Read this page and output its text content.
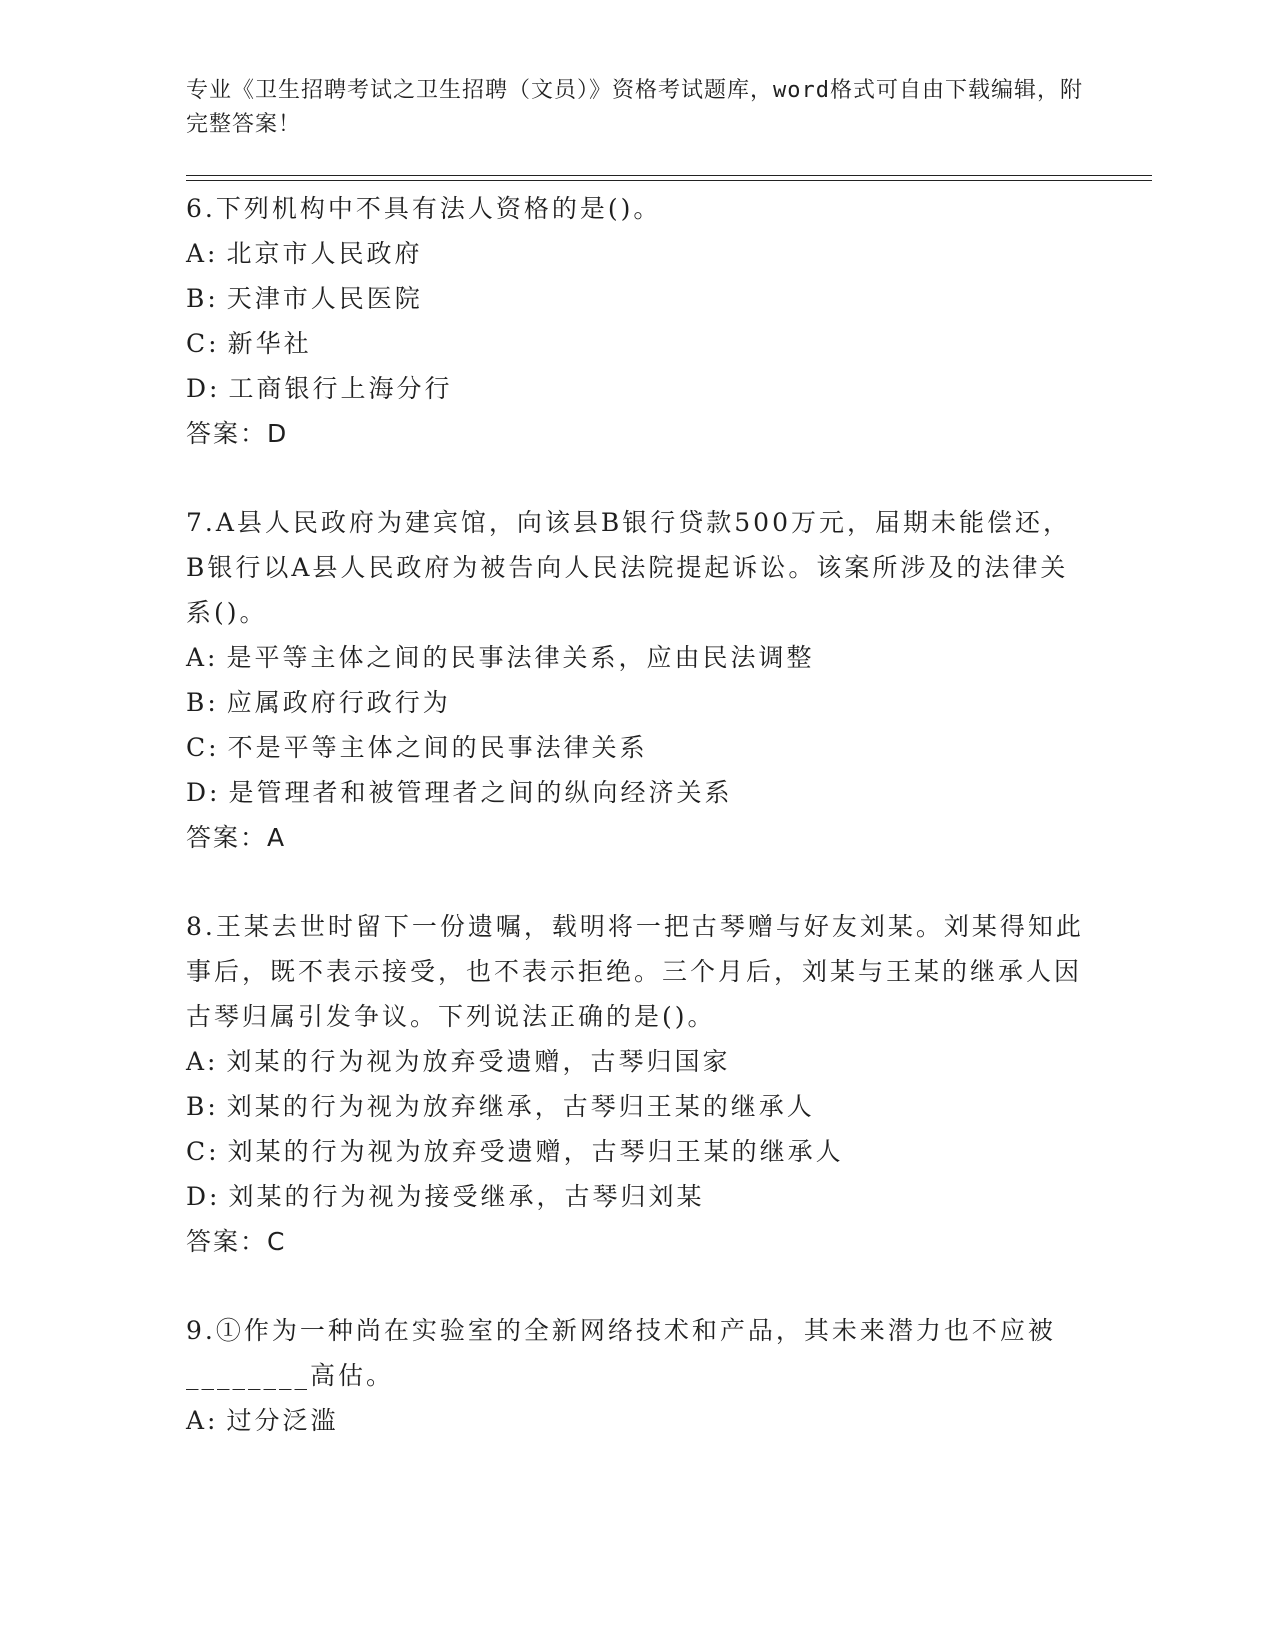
专业《卫生招聘考试之卫生招聘（文员）》资格考试题库，word格式可自由下载编辑，附完整答案！
6.下列机构中不具有法人资格的是()。
A: 北京市人民政府
B: 天津市人民医院
C: 新华社
D: 工商银行上海分行
答案：D
7.A县人民政府为建宾馆，向该县B银行贷款500万元，届期未能偿还，B银行以A县人民政府为被告向人民法院提起诉讼。该案所涉及的法律关系()。
A: 是平等主体之间的民事法律关系，应由民法调整
B: 应属政府行政行为
C: 不是平等主体之间的民事法律关系
D: 是管理者和被管理者之间的纵向经济关系
答案：A
8.王某去世时留下一份遗嘱，载明将一把古琴赠与好友刘某。刘某得知此事后，既不表示接受，也不表示拒绝。三个月后，刘某与王某的继承人因古琴归属引发争议。下列说法正确的是()。
A: 刘某的行为视为放弃受遗赠，古琴归国家
B: 刘某的行为视为放弃继承，古琴归王某的继承人
C: 刘某的行为视为放弃受遗赠，古琴归王某的继承人
D: 刘某的行为视为接受继承，古琴归刘某
答案：C
9.①作为一种尚在实验室的全新网络技术和产品，其未来潜力也不应被________高估。
A: 过分泛滥
